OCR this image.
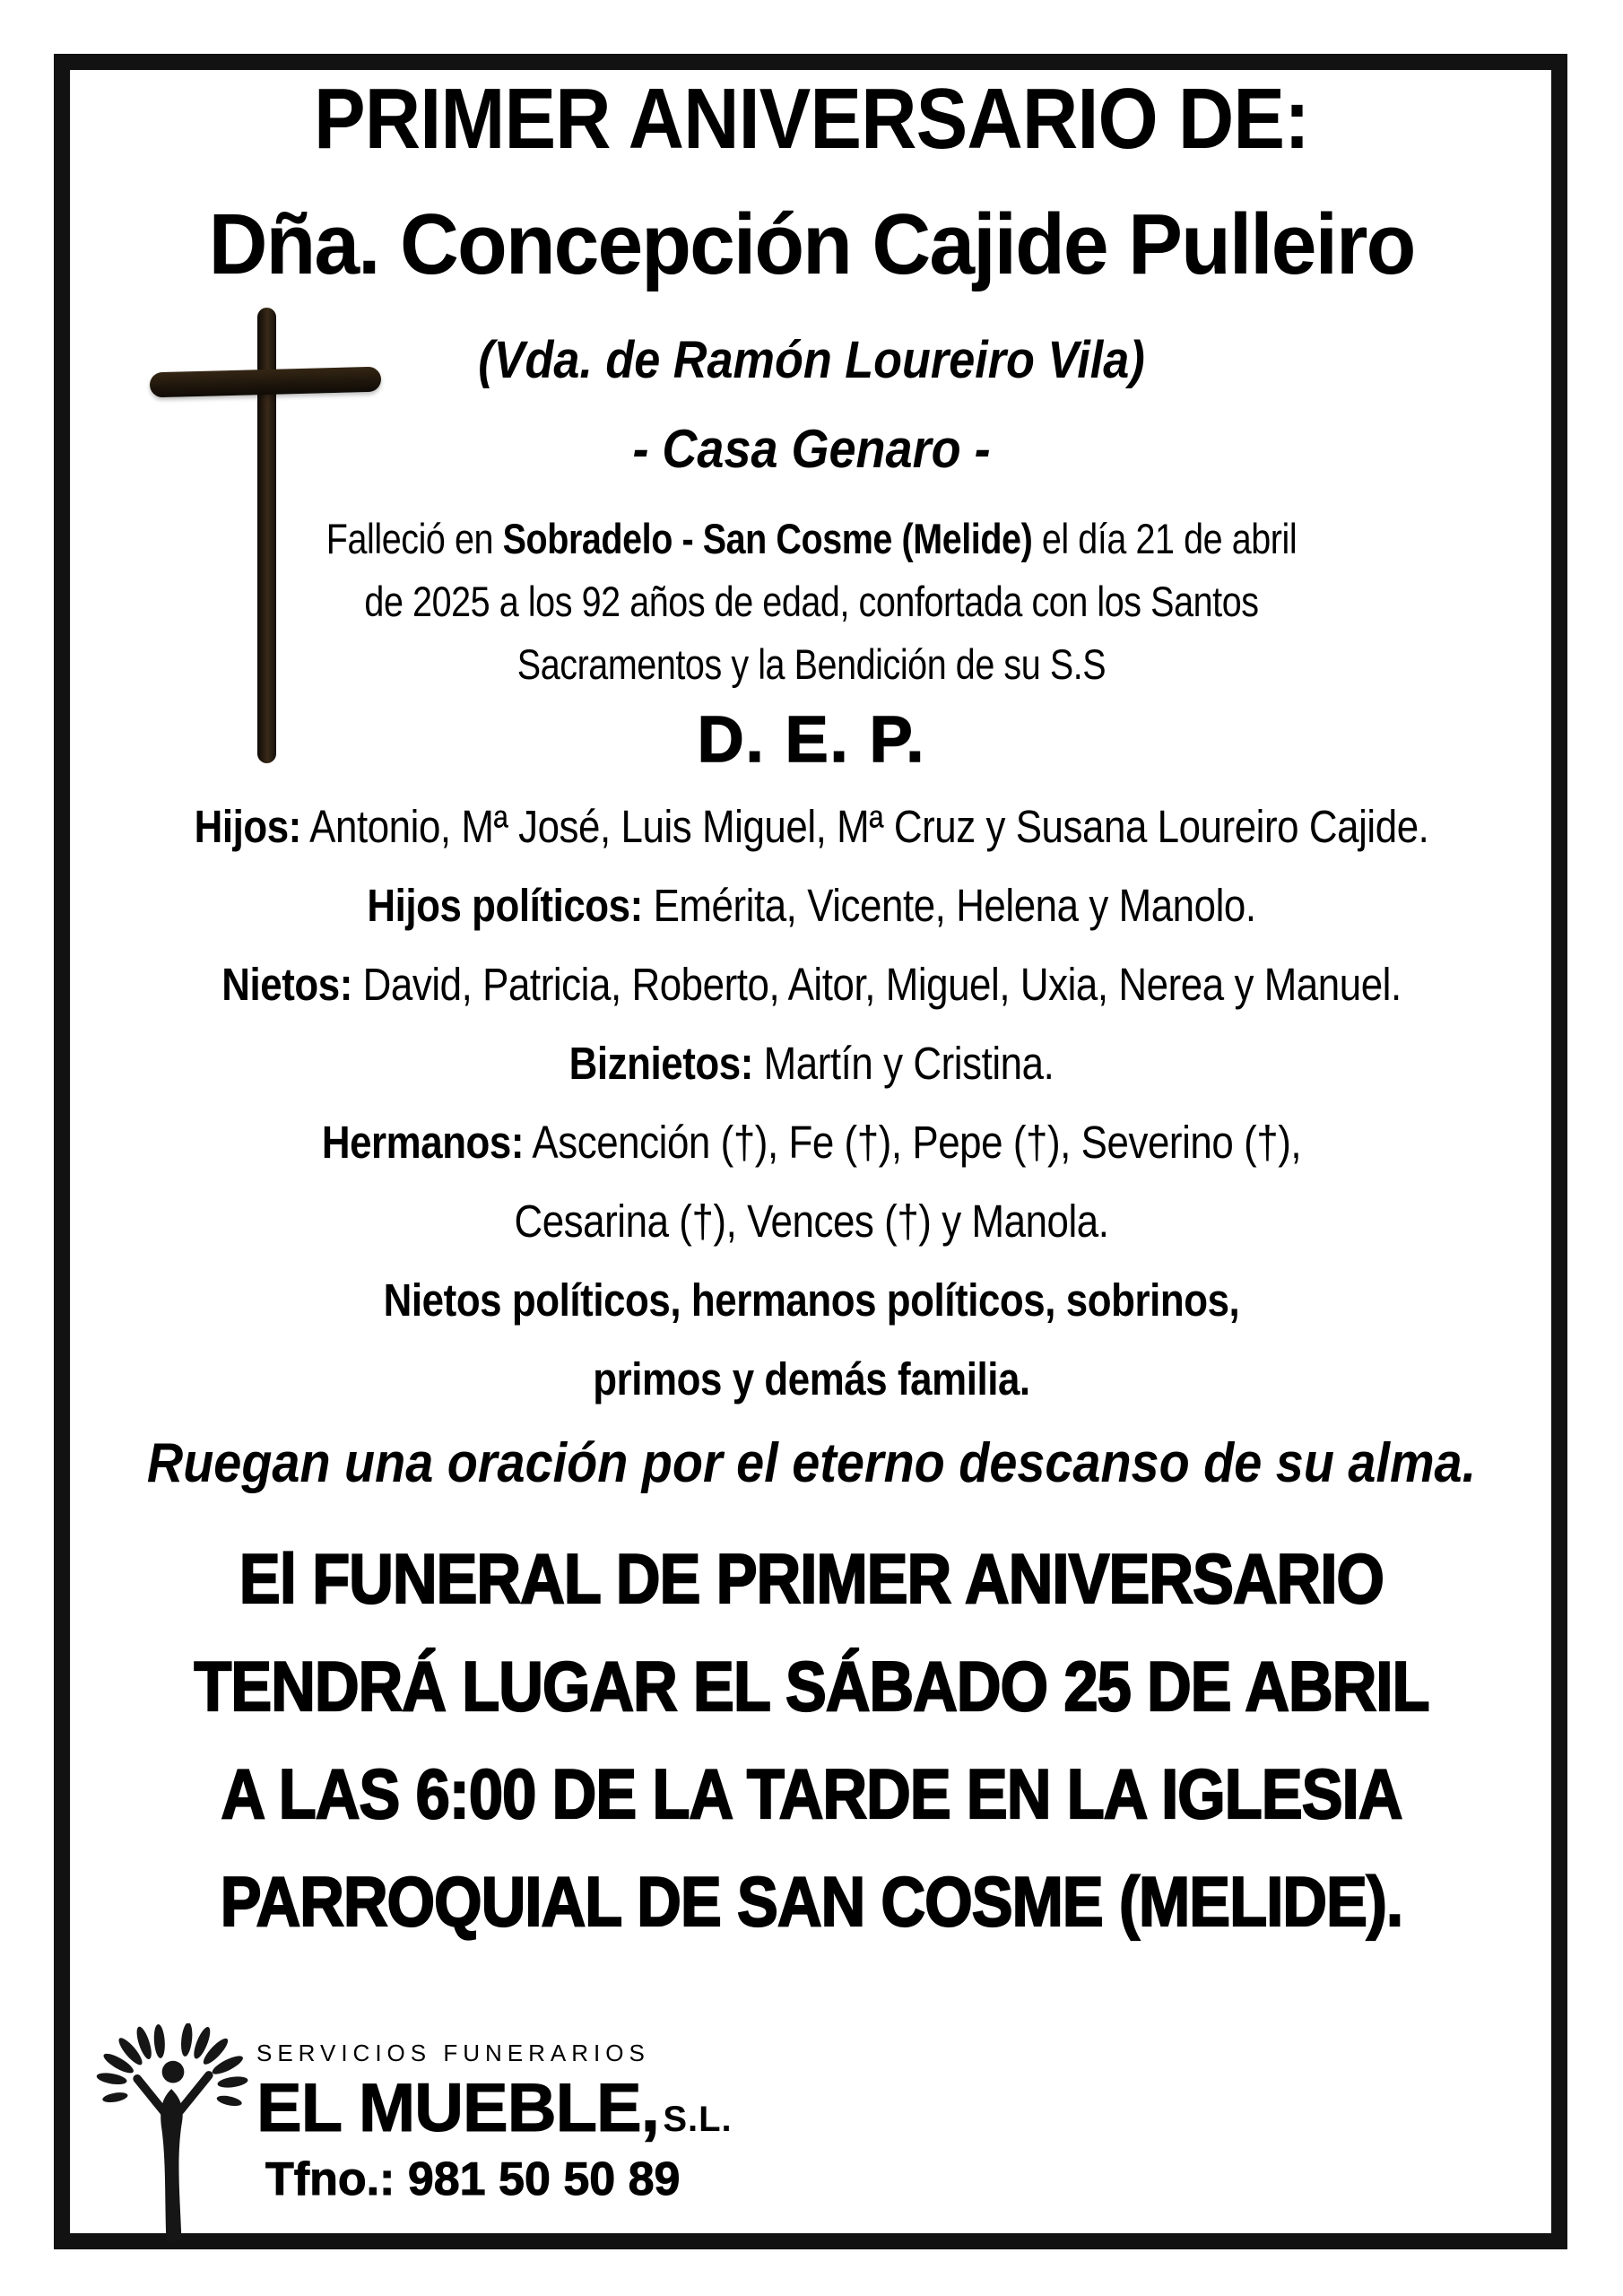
PRIMER ANIVERSARIO DE:
Dña. Concepción Cajide Pulleiro
(Vda. de Ramón Loureiro Vila)
- Casa Genaro -
Falleció en Sobradelo - San Cosme (Melide) el día 21 de abril
de 2025 a los 92 años de edad, confortada con los Santos
Sacramentos y la Bendición de su S.S
D. E. P.
Hijos: Antonio, Mª José, Luis Miguel, Mª Cruz y Susana Loureiro Cajide.
Hijos políticos: Emérita, Vicente, Helena y Manolo.
Nietos: David, Patricia, Roberto, Aitor, Miguel, Uxia, Nerea y Manuel.
Biznietos: Martín y Cristina.
Hermanos: Ascención (†), Fe (†), Pepe (†), Severino (†),
Cesarina (†), Vences (†) y Manola.
Nietos políticos, hermanos políticos, sobrinos,
primos y demás familia.
Ruegan una oración por el eterno descanso de su alma.
El FUNERAL DE PRIMER ANIVERSARIO
TENDRÁ LUGAR EL SÁBADO 25 DE ABRIL
A LAS 6:00 DE LA TARDE EN LA IGLESIA
PARROQUIAL DE SAN COSME (MELIDE).
SERVICIOS FUNERARIOS
EL MUEBLE, S.L.
Tfno.: 981 50 50 89
